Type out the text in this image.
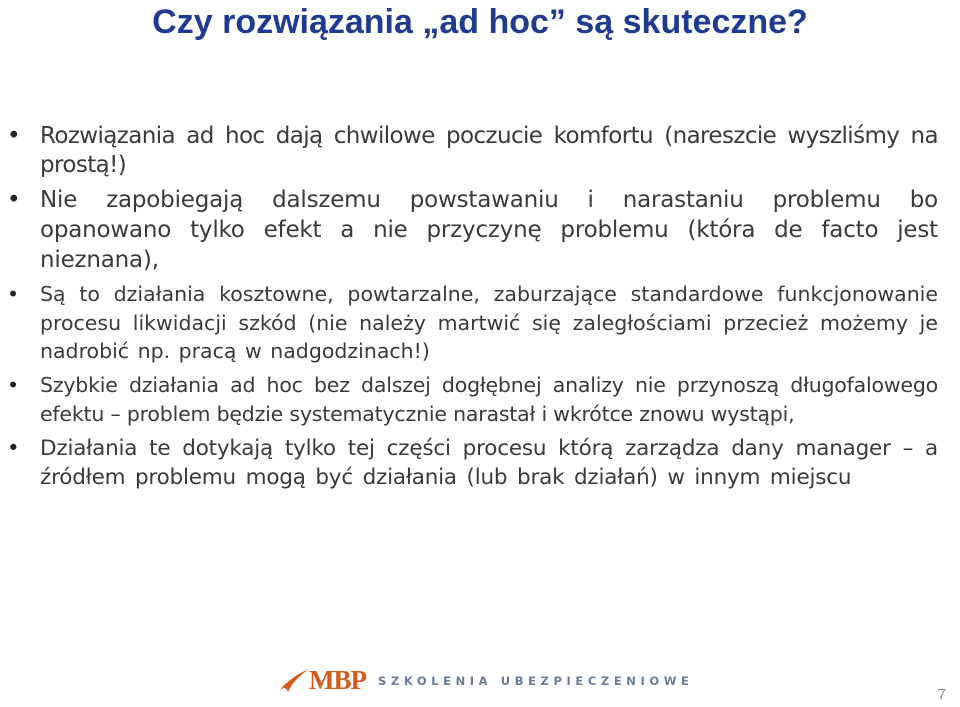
Czy rozwiązania „ad hoc” są skuteczne?
• Rozwiązania ad hoc dają chwilowe poczucie komfortu (nareszcie wyszliśmy na prostą!)
• Nie zapobiegają dalszemu powstawaniu i narastaniu problemu bo opanowano tylko efekt a nie przyczynę problemu (która de facto jest nieznana),
• Są to działania kosztowne, powtarzalne, zaburzające standardowe funkcjonowanie procesu likwidacji szkód (nie należy martwić się zaległościami przecież możemy je nadrobić np. pracą w nadgodzinach!)
• Szybkie działania ad hoc bez dalszej dogłębnej analizy nie przynoszą długofalowego efektu – problem będzie systematycznie narastał i wkrótce znowu wystąpi,
• Działania te dotykają tylko tej części procesu którą zarządza dany manager – a źródłem problemu mogą być działania (lub brak działań) w innym miejscu
MBP SZKOLENIA UBEZPIECZENIOWE
7
